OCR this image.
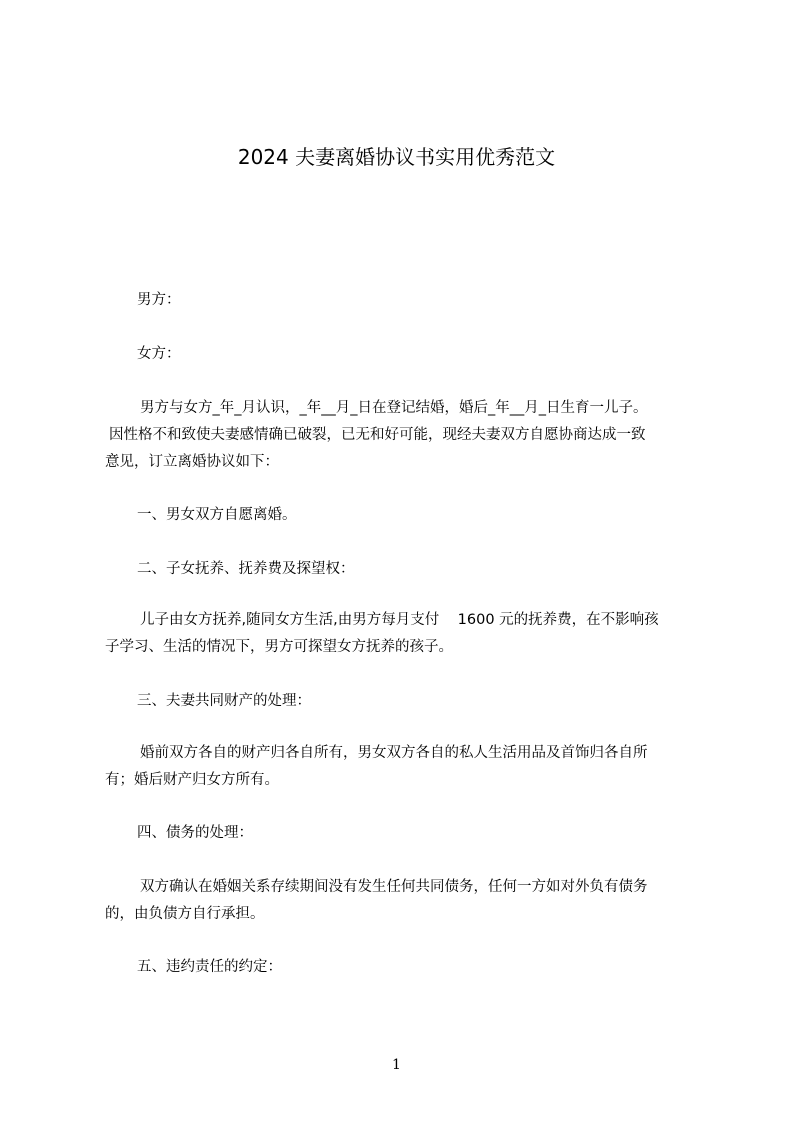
2024 夫妻离婚协议书实用优秀范文
男方：
女方：
男方与女方_年_月认识，_年__月_日在登记结婚，婚后_年__月_日生育一儿子。
因性格不和致使夫妻感情确已破裂，已无和好可能，现经夫妻双方自愿协商达成一致
意见，订立离婚协议如下：
一、男女双方自愿离婚。
二、子女抚养、抚养费及探望权：
儿子由女方抚养,随同女方生活,由男方每月支付    1600 元的抚养费，在不影响孩
子学习、生活的情况下，男方可探望女方抚养的孩子。
三、夫妻共同财产的处理：
婚前双方各自的财产归各自所有，男女双方各自的私人生活用品及首饰归各自所
有；婚后财产归女方所有。
四、债务的处理：
双方确认在婚姻关系存续期间没有发生任何共同债务，任何一方如对外负有债务
的，由负债方自行承担。
五、违约责任的约定：
1
